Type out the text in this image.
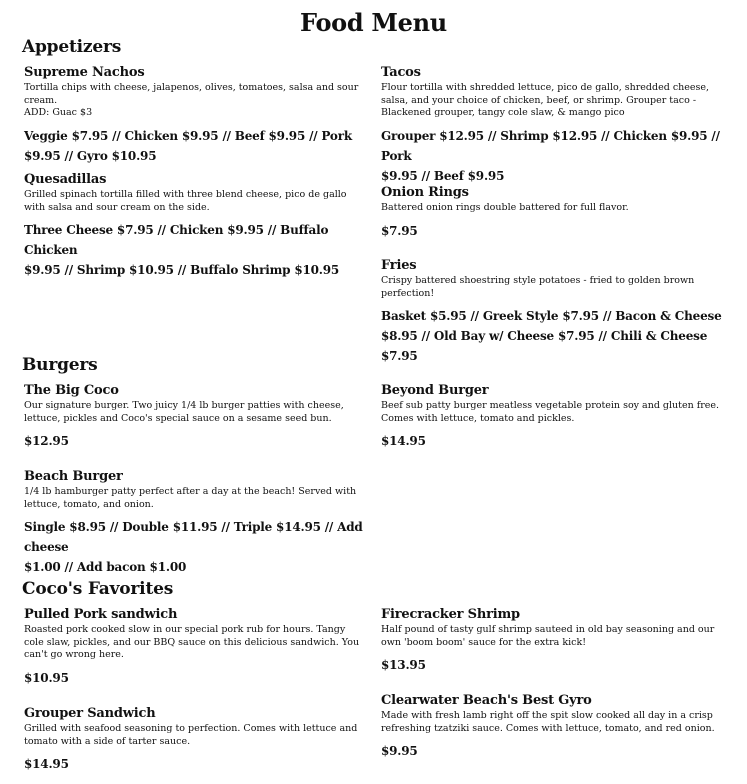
Food Menu
Appetizers
Supreme Nachos
Tortilla chips with cheese, jalapenos, olives, tomatoes, salsa and sour cream.
ADD: Guac $3
Veggie $7.95 // Chicken $9.95 // Beef $9.95 // Pork
$9.95 // Gyro $10.95
Tacos
Flour tortilla with shredded lettuce, pico de gallo, shredded cheese, salsa, and your choice of chicken, beef, or shrimp. Grouper taco - Blackened grouper, tangy cole slaw, & mango pico
Grouper $12.95 // Shrimp $12.95 // Chicken $9.95 // Pork
$9.95 // Beef $9.95
Quesadillas
Grilled spinach tortilla filled with three blend cheese, pico de gallo with salsa and sour cream on the side.
Three Cheese $7.95 // Chicken $9.95 // Buffalo Chicken
$9.95 // Shrimp $10.95 // Buffalo Shrimp $10.95
Onion Rings
Battered onion rings double battered for full flavor.
$7.95
Fries
Crispy battered shoestring style potatoes - fried to golden brown perfection!
Basket $5.95 // Greek Style $7.95 // Bacon & Cheese
$8.95 // Old Bay w/ Cheese $7.95 // Chili & Cheese $7.95
Burgers
The Big Coco
Our signature burger. Two juicy 1/4 lb burger patties with cheese, lettuce, pickles and Coco's special sauce on a sesame seed bun.
$12.95
Beyond Burger
Beef sub patty burger meatless vegetable protein soy and gluten free. Comes with lettuce, tomato and pickles.
$14.95
Beach Burger
1/4 lb hamburger patty perfect after a day at the beach! Served with lettuce, tomato, and onion.
Single $8.95 // Double $11.95 // Triple $14.95 // Add cheese
$1.00 // Add bacon $1.00
Coco's Favorites
Pulled Pork sandwich
Roasted pork cooked slow in our special pork rub for hours. Tangy cole slaw, pickles, and our BBQ sauce on this delicious sandwich. You can't go wrong here.
$10.95
Firecracker Shrimp
Half pound of tasty gulf shrimp sauteed in old bay seasoning and our own 'boom boom' sauce for the extra kick!
$13.95
Grouper Sandwich
Grilled with seafood seasoning to perfection. Comes with lettuce and tomato with a side of tarter sauce.
$14.95
Clearwater Beach's Best Gyro
Made with fresh lamb right off the spit slow cooked all day in a crisp refreshing tzatziki sauce. Comes with lettuce, tomato, and red onion.
$9.95
